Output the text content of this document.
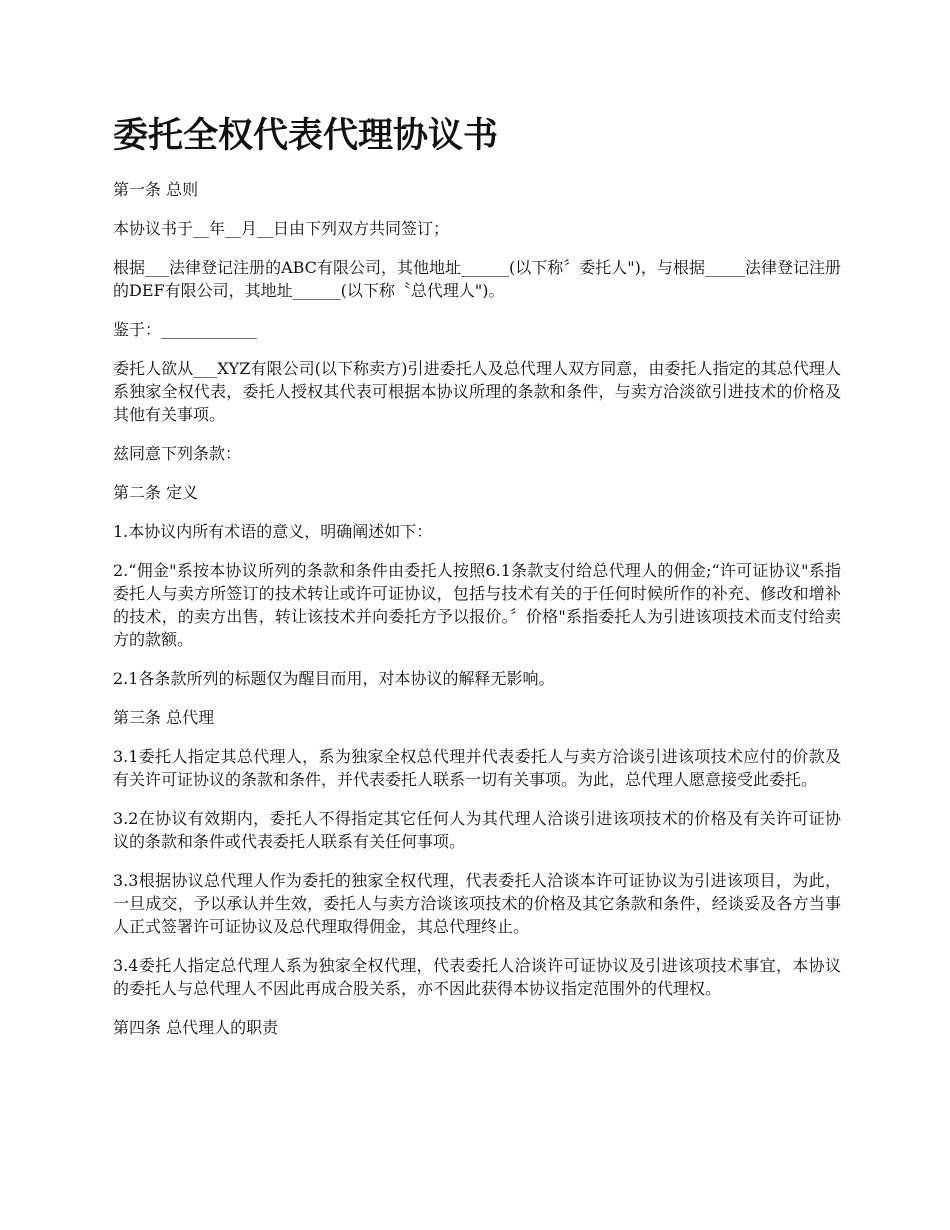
委托全权代表代理协议书

第一条 总则

本协议书于__年__月__日由下列双方共同签订；

根据___法律登记注册的ABC有限公司，其他地址______(以下称〞委托人")，与根据_____法律登记注册的DEF有限公司，其地址______(以下称〝总代理人")。

鉴于：____________

委托人欲从___XYZ有限公司(以下称卖方)引进委托人及总代理人双方同意，由委托人指定的其总代理人系独家全权代表，委托人授权其代表可根据本协议所理的条款和条件，与卖方洽淡欲引进技术的价格及其他有关事项。

兹同意下列条款：

第二条 定义

1.本协议内所有术语的意义，明确阐述如下：

2.“佣金"系按本协议所列的条款和条件由委托人按照6.1条款支付给总代理人的佣金;“许可证协议"系指委托人与卖方所签订的技术转让或许可证协议，包括与技术有关的于任何时候所作的补充、修改和增补的技术，的卖方出售，转让该技术并向委托方予以报价。〞价格"系指委托人为引进该项技术而支付给卖方的款额。

2.1各条款所列的标题仅为醒目而用，对本协议的解释无影响。

第三条 总代理

3.1委托人指定其总代理人，系为独家全权总代理并代表委托人与卖方洽谈引进该项技术应付的价款及有关许可证协议的条款和条件，并代表委托人联系一切有关事项。为此，总代理人愿意接受此委托。

3.2在协议有效期内，委托人不得指定其它任何人为其代理人洽谈引进该项技术的价格及有关许可证协议的条款和条件或代表委托人联系有关任何事项。

3.3根据协议总代理人作为委托的独家全权代理，代表委托人洽谈本许可证协议为引进该项目，为此，一旦成交，予以承认并生效，委托人与卖方洽谈该项技术的价格及其它条款和条件，经谈妥及各方当事人正式签署许可证协议及总代理取得佣金，其总代理终止。

3.4委托人指定总代理人系为独家全权代理，代表委托人洽谈许可证协议及引进该项技术事宜，本协议的委托人与总代理人不因此再成合股关系，亦不因此获得本协议指定范围外的代理权。

第四条 总代理人的职责
